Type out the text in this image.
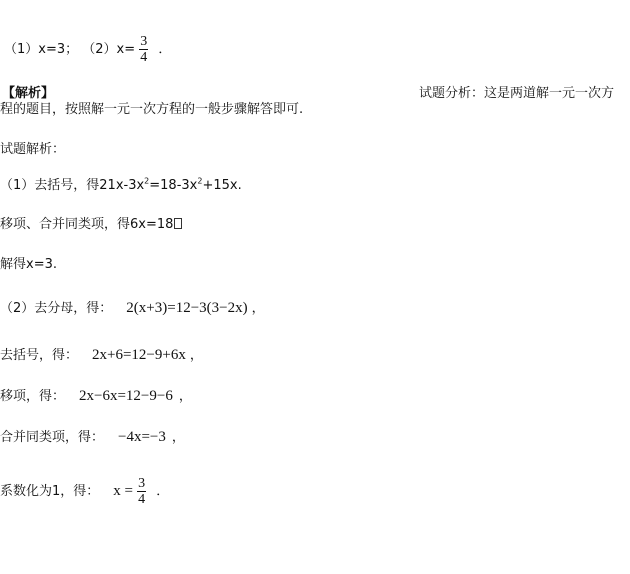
（1）x=3； $(2)x= \frac{3}{4}$ ．
【解析】	试题分析：这是两道解一元一次方
程的题目，按照解一元一次方程的一般步骤解答即可.
试题解析：
（1）去括号，得$21x-3x^2=18-3x^2+15x$.
移项、合并同类项，得6x=18
解得x=3.
（2）去分母，得： 2(x+3)=12−3(3−2x) ，
去括号，得： 2x+6=12−9+6x ，
移项，得： 2x−6x=12−9−6 ，
合并同类项，得： −4x=−3 ，
系数化为1，得： $x = \frac{3}{4}$ ．
